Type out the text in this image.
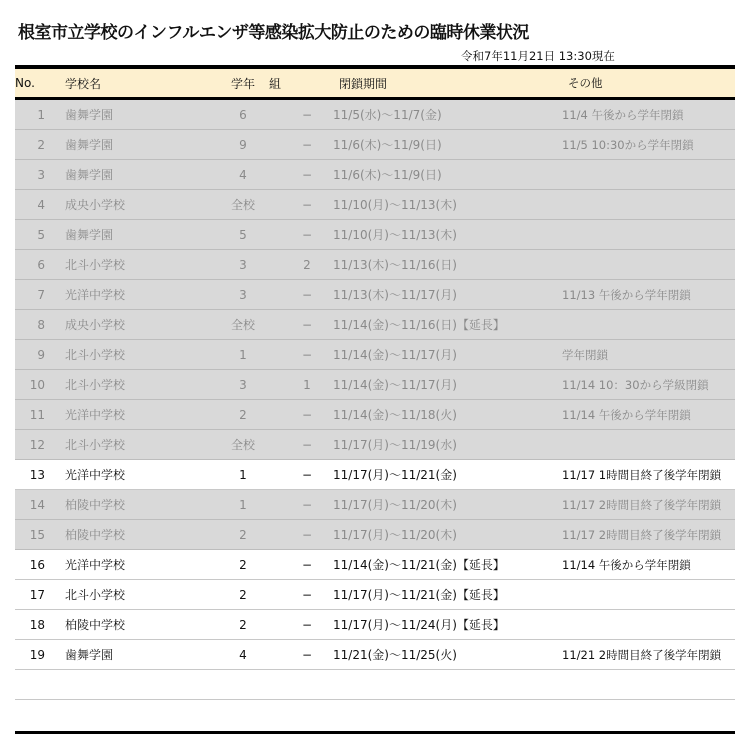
根室市立学校のインフルエンザ等感染拡大防止のための臨時休業状況
令和7年11月21日 13:30現在
No.	学校名	学年	組	閉鎖期間	その他
1	歯舞学園	6	−	11/5(水)〜11/7(金)	11/4 午後から学年閉鎖
2	歯舞学園	9	−	11/6(木)〜11/9(日)	11/5 10:30から学年閉鎖
3	歯舞学園	4	−	11/6(木)〜11/9(日)
4	成央小学校	全校	−	11/10(月)〜11/13(木)
5	歯舞学園	5	−	11/10(月)〜11/13(木)
6	北斗小学校	3	2	11/13(木)〜11/16(日)
7	光洋中学校	3	−	11/13(木)〜11/17(月)	11/13 午後から学年閉鎖
8	成央小学校	全校	−	11/14(金)〜11/16(日)【延長】
9	北斗小学校	1	−	11/14(金)〜11/17(月)	学年閉鎖
10	北斗小学校	3	1	11/14(金)〜11/17(月)	11/14 10：30から学級閉鎖
11	光洋中学校	2	−	11/14(金)〜11/18(火)	11/14 午後から学年閉鎖
12	北斗小学校	全校	−	11/17(月)〜11/19(水)
13	光洋中学校	1	−	11/17(月)〜11/21(金)	11/17 1時間目終了後学年閉鎖
14	柏陵中学校	1	−	11/17(月)〜11/20(木)	11/17 2時間目終了後学年閉鎖
15	柏陵中学校	2	−	11/17(月)〜11/20(木)	11/17 2時間目終了後学年閉鎖
16	光洋中学校	2	−	11/14(金)〜11/21(金)【延長】	11/14 午後から学年閉鎖
17	北斗小学校	2	−	11/17(月)〜11/21(金)【延長】
18	柏陵中学校	2	−	11/17(月)〜11/24(月)【延長】
19	歯舞学園	4	−	11/21(金)〜11/25(火)	11/21 2時間目終了後学年閉鎖
